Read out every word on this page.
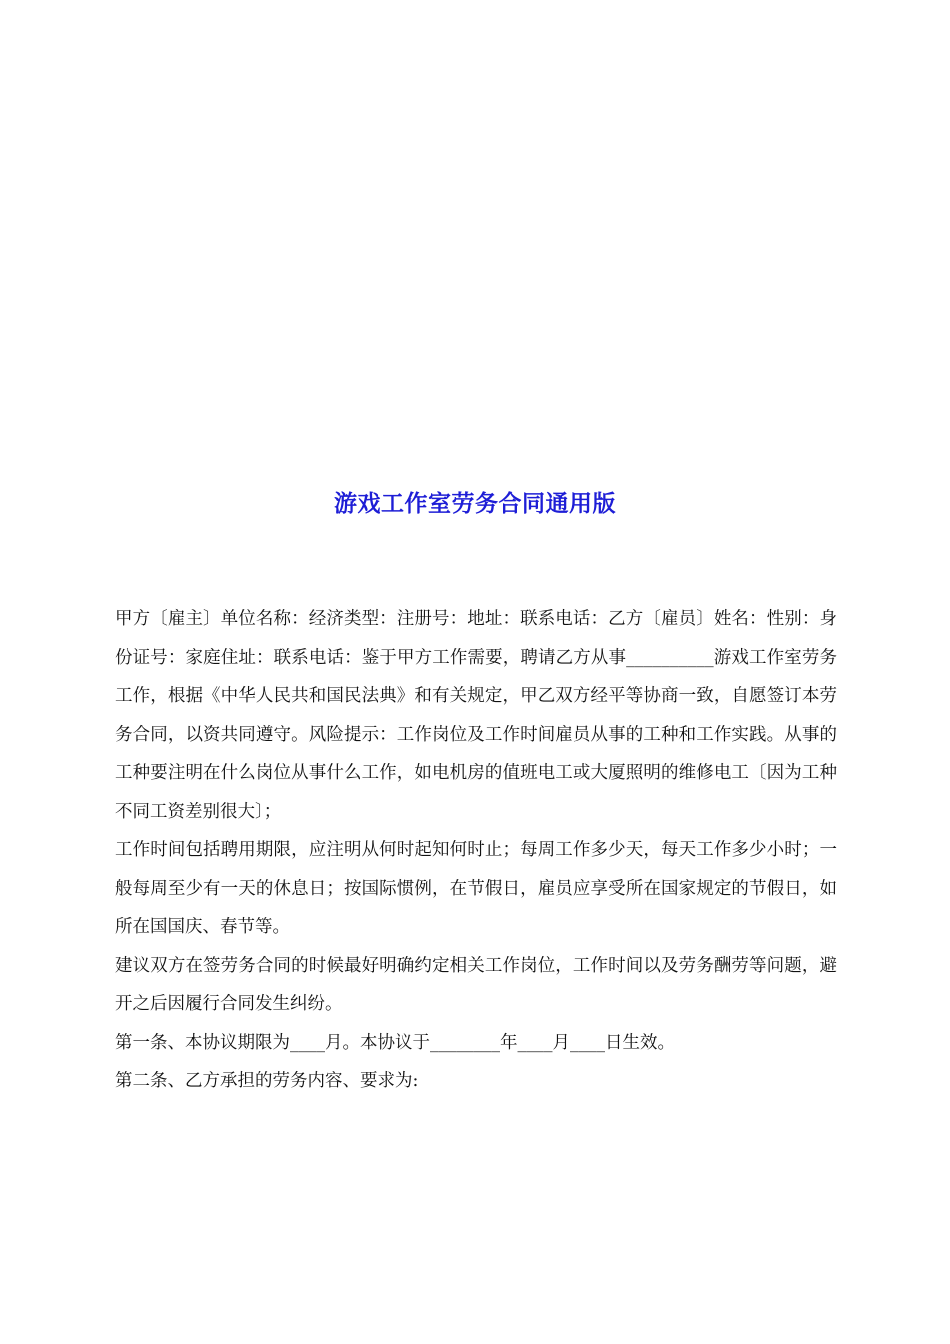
游戏工作室劳务合同通用版

甲方〔雇主〕单位名称：经济类型：注册号：地址：联系电话：乙方〔雇员〕姓名：性别：身份证号：家庭住址：联系电话：鉴于甲方工作需要，聘请乙方从事__________游戏工作室劳务工作，根据《中华人民共和国民法典》和有关规定，甲乙双方经平等协商一致，自愿签订本劳务合同，以资共同遵守。风险提示：工作岗位及工作时间雇员从事的工种和工作实践。从事的工种要注明在什么岗位从事什么工作，如电机房的值班电工或大厦照明的维修电工〔因为工种不同工资差别很大〕；

工作时间包括聘用期限，应注明从何时起知何时止；每周工作多少天，每天工作多少小时；一般每周至少有一天的休息日；按国际惯例，在节假日，雇员应享受所在国家规定的节假日，如所在国国庆、春节等。

建议双方在签劳务合同的时候最好明确约定相关工作岗位，工作时间以及劳务酬劳等问题，避开之后因履行合同发生纠纷。

第一条、本协议期限为____月。本协议于________年____月____日生效。

第二条、乙方承担的劳务内容、要求为:
